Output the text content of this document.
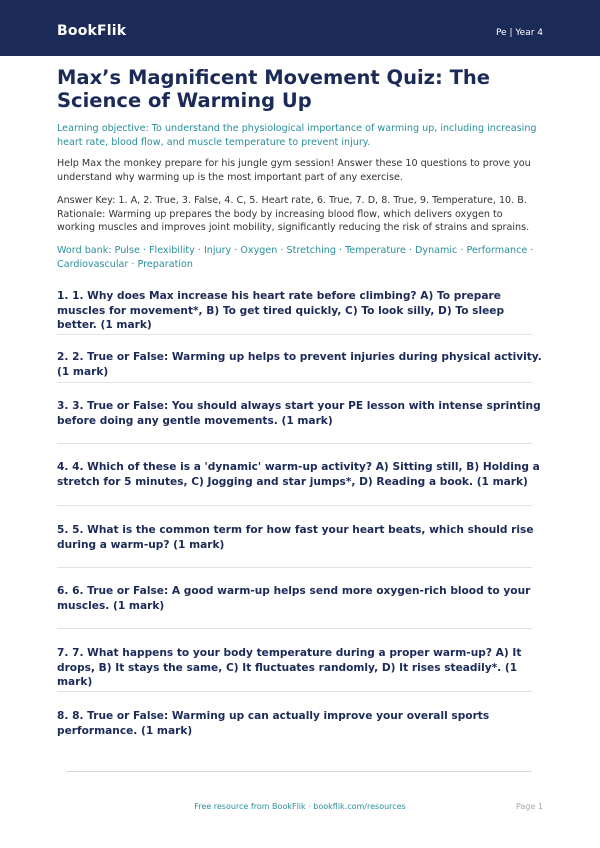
BookFlik	Pe | Year 4
Max’s Magnificent Movement Quiz: The Science of Warming Up
Learning objective: To understand the physiological importance of warming up, including increasing heart rate, blood flow, and muscle temperature to prevent injury.
Help Max the monkey prepare for his jungle gym session! Answer these 10 questions to prove you understand why warming up is the most important part of any exercise.
Answer Key: 1. A, 2. True, 3. False, 4. C, 5. Heart rate, 6. True, 7. D, 8. True, 9. Temperature, 10. B. Rationale: Warming up prepares the body by increasing blood flow, which delivers oxygen to working muscles and improves joint mobility, significantly reducing the risk of strains and sprains.
Word bank: Pulse · Flexibility · Injury · Oxygen · Stretching · Temperature · Dynamic · Performance · Cardiovascular · Preparation
1. 1. Why does Max increase his heart rate before climbing? A) To prepare muscles for movement*, B) To get tired quickly, C) To look silly, D) To sleep better. (1 mark)
2. 2. True or False: Warming up helps to prevent injuries during physical activity. (1 mark)
3. 3. True or False: You should always start your PE lesson with intense sprinting before doing any gentle movements. (1 mark)
4. 4. Which of these is a 'dynamic' warm-up activity? A) Sitting still, B) Holding a stretch for 5 minutes, C) Jogging and star jumps*, D) Reading a book. (1 mark)
5. 5. What is the common term for how fast your heart beats, which should rise during a warm-up? (1 mark)
6. 6. True or False: A good warm-up helps send more oxygen-rich blood to your muscles. (1 mark)
7. 7. What happens to your body temperature during a proper warm-up? A) It drops, B) It stays the same, C) It fluctuates randomly, D) It rises steadily*. (1 mark)
8. 8. True or False: Warming up can actually improve your overall sports performance. (1 mark)
Free resource from BookFlik · bookflik.com/resources	Page 1
